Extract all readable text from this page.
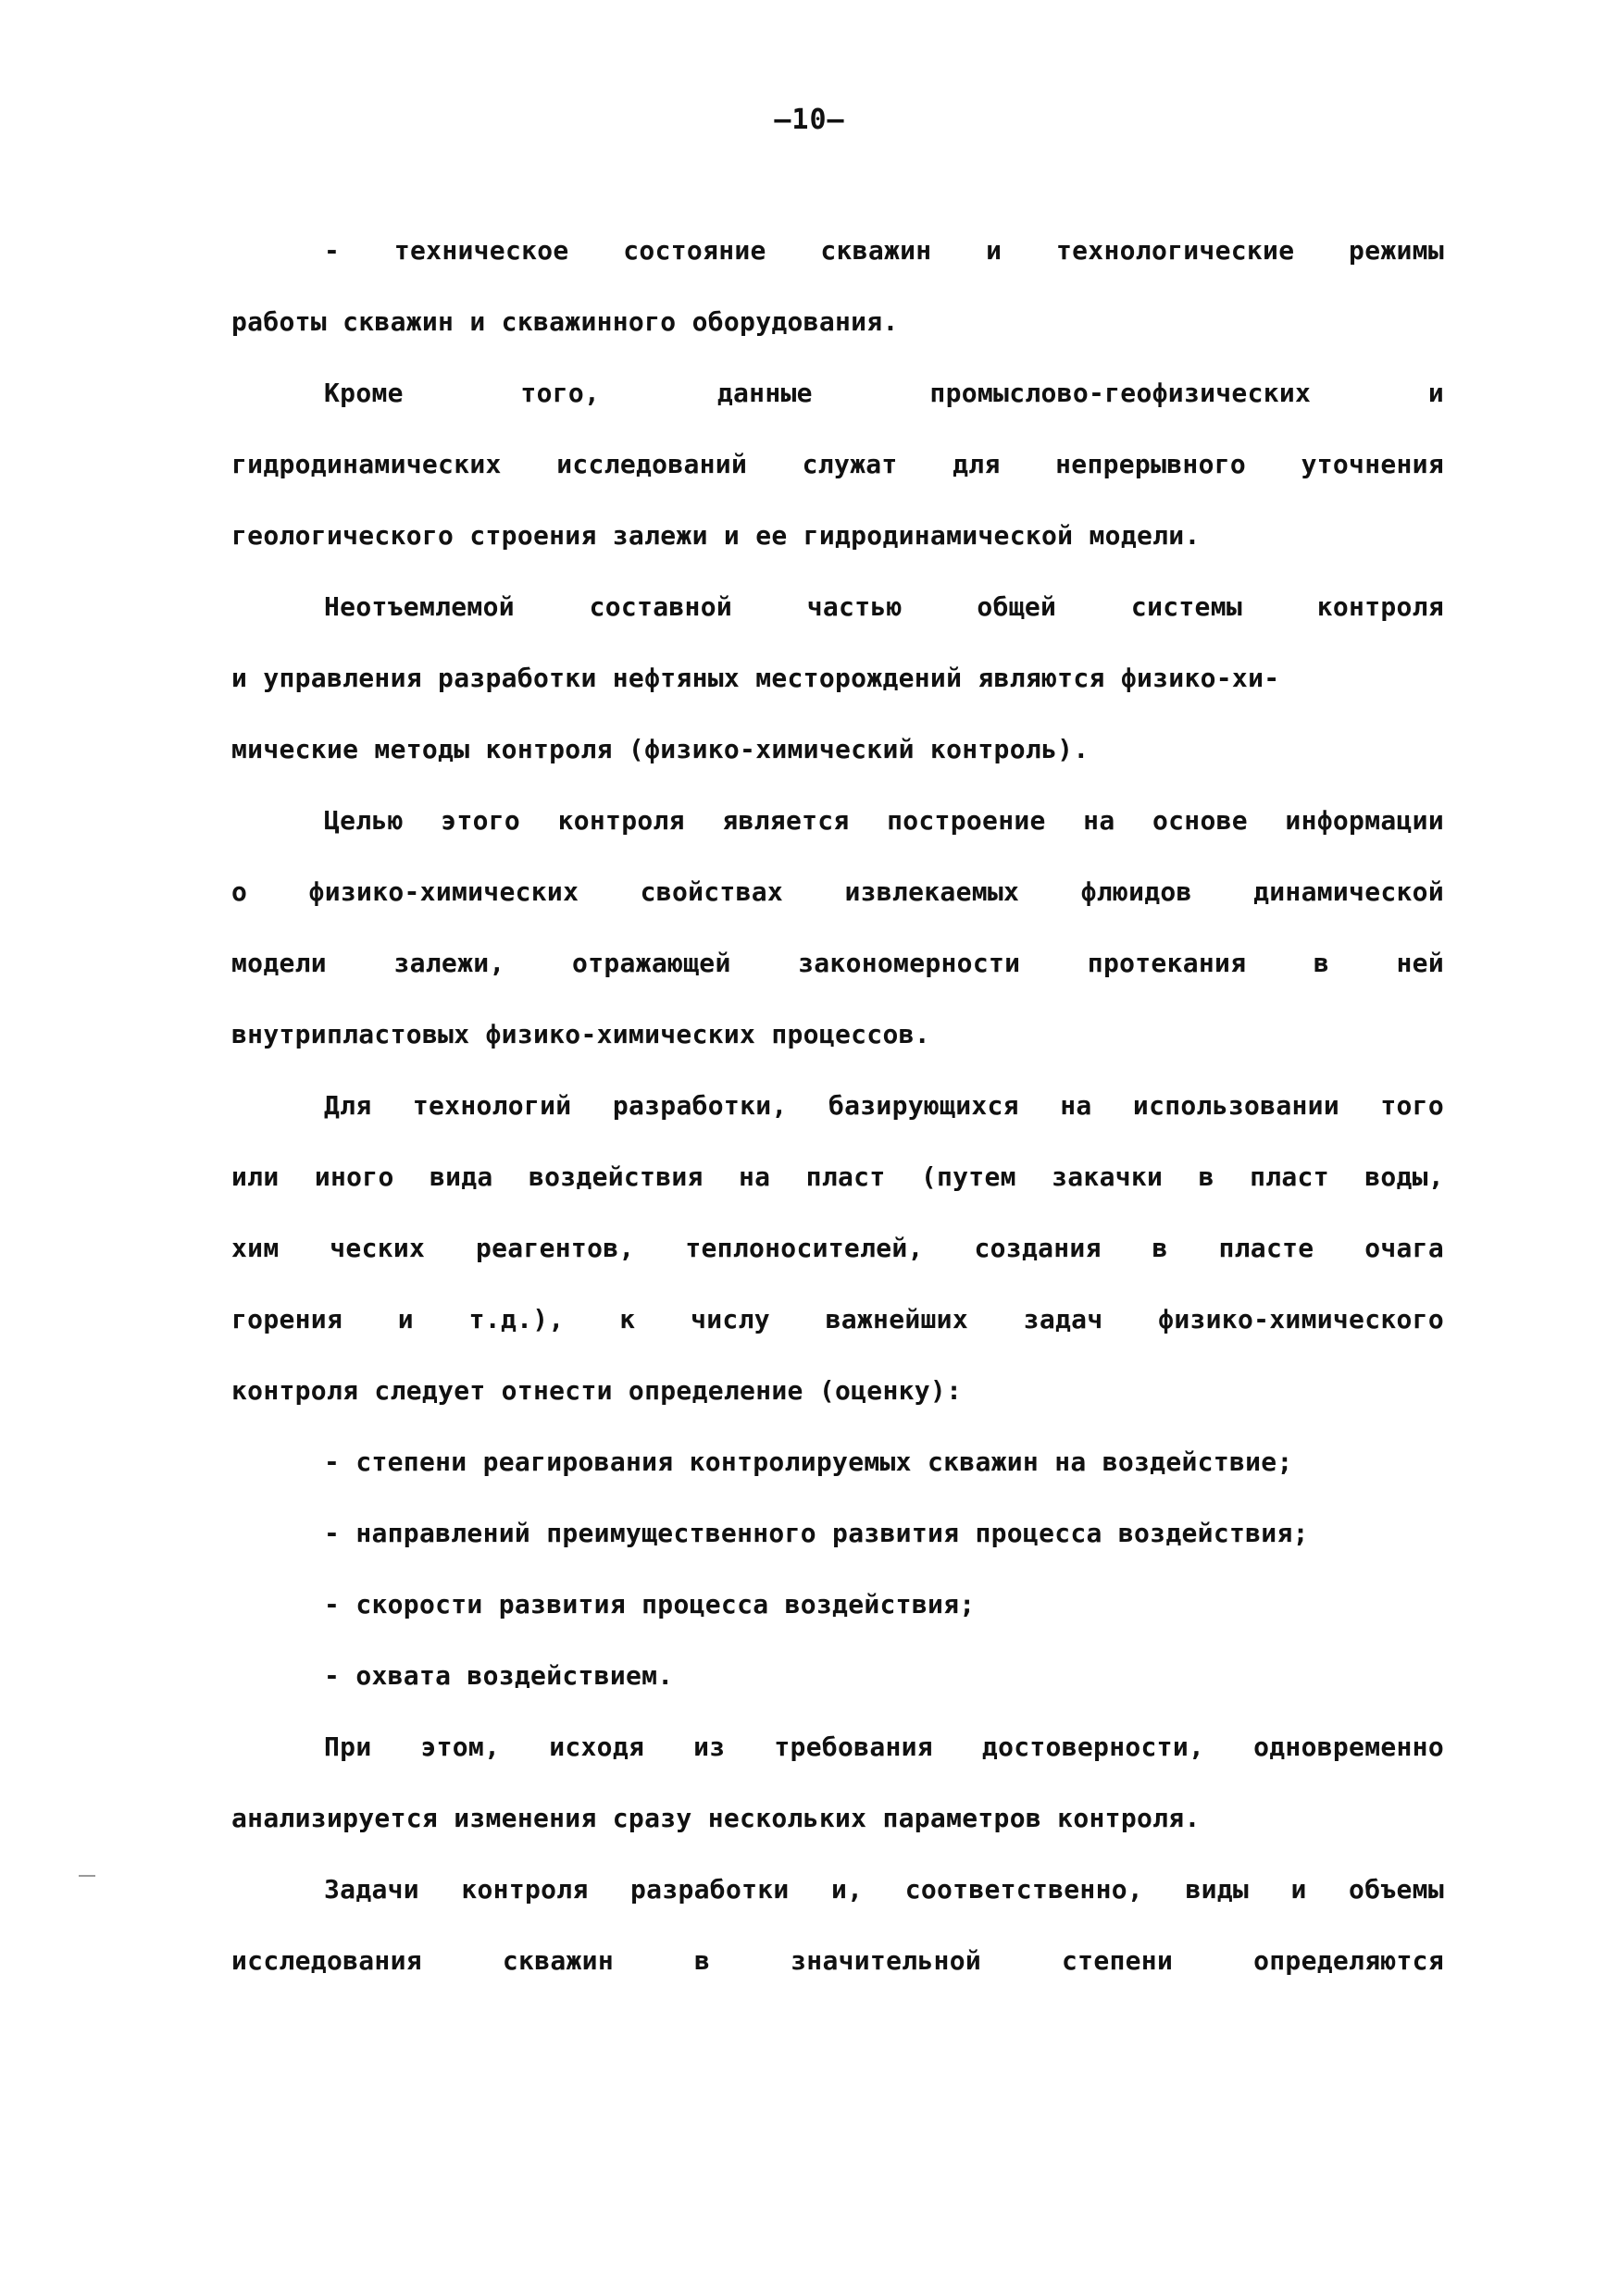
—10—
- техническое состояние скважин и технологические режимы
работы скважин и скважинного оборудования.
Кроме того, данные промыслово-геофизических и
гидродинамических исследований служат для непрерывного уточнения
геологического строения залежи и ее гидродинамической модели.
Неотъемлемой составной частью общей системы контроля
и управления разработки нефтяных месторождений являются физико-хи-
мические методы контроля (физико-химический контроль).
Целью этого контроля является построение на основе информации
о физико-химических свойствах извлекаемых флюидов динамической
модели залежи, отражающей закономерности протекания в ней
внутрипластовых физико-химических процессов.
Для технологий разработки, базирующихся на использовании того
или иного вида воздействия на пласт (путем закачки в пласт воды,
хим ческих реагентов, теплоносителей, создания в пласте очага
горения и т.д.), к числу важнейших задач физико-химического
контроля следует отнести определение (оценку):
- степени реагирования контролируемых скважин на воздействие;
- направлений преимущественного развития процесса воздействия;
- скорости развития процесса воздействия;
- охвата воздействием.
При этом, исходя из требования достоверности, одновременно
анализируется изменения сразу нескольких параметров контроля.
Задачи контроля разработки и, соответственно, виды и объемы
исследования скважин в значительной степени определяются
